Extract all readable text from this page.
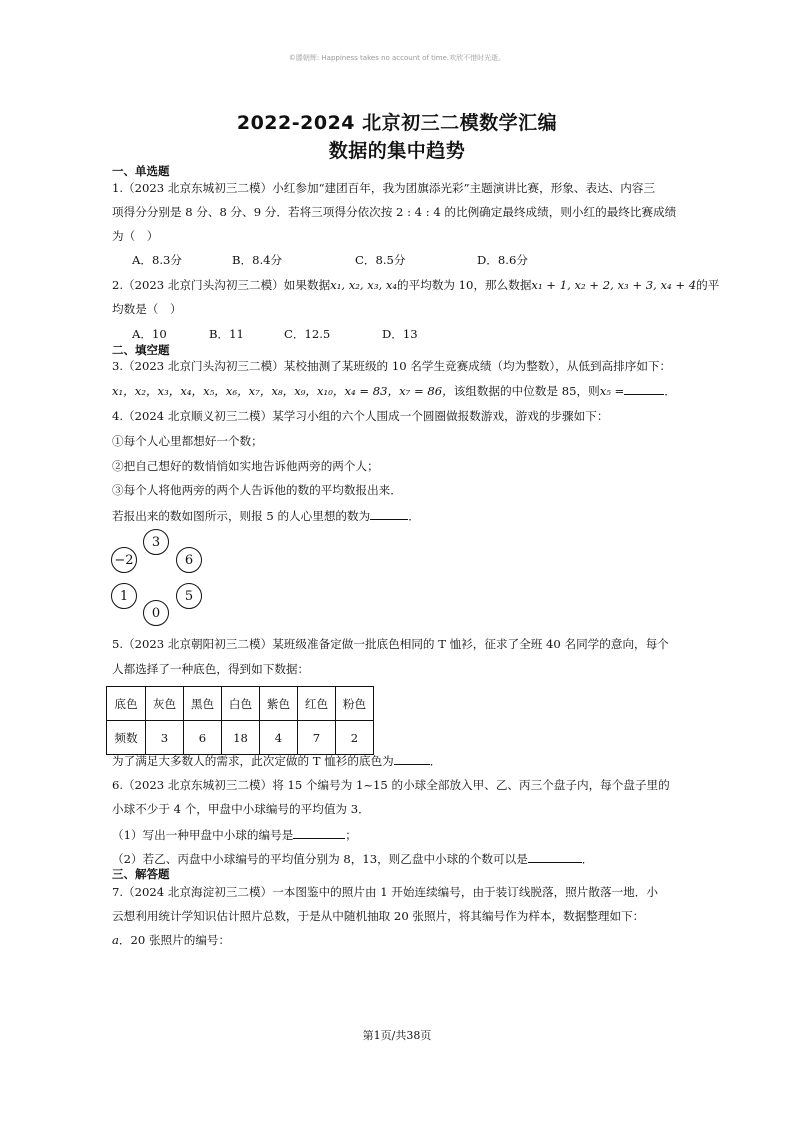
©滕朝辉: Happiness takes no account of time.欢欣不惜时光逝。
2022-2024 北京初三二模数学汇编
数据的集中趋势
一、单选题
1.（2023 北京东城初三二模）小红参加“建团百年，我为团旗添光彩”主题演讲比赛，形象、表达、内容三
项得分分别是 8 分、8 分、9 分．若将三项得分依次按 2 : 4 : 4 的比例确定最终成绩，则小红的最终比赛成绩
为（　）
A．8.3分	B．8.4分	C．8.5分	D．8.6分
2.（2023 北京门头沟初三二模）如果数据x₁, x₂, x₃, x₄的平均数为 10，那么数据x₁ + 1, x₂ + 2, x₃ + 3, x₄ + 4的平
均数是（　）
A．10	B．11	C．12.5	D．13
二、填空题
3.（2023 北京门头沟初三二模）某校抽测了某班级的 10 名学生竞赛成绩（均为整数），从低到高排序如下：
x₁，x₂，x₃，x₄，x₅，x₆，x₇，x₈，x₉，x₁₀，x₄ = 83，x₇ = 86，该组数据的中位数是 85，则x₅ =	．
4.（2024 北京顺义初三二模）某学习小组的六个人围成一个圆圈做报数游戏，游戏的步骤如下：
①每个人心里都想好一个数；
②把自己想好的数悄悄如实地告诉他两旁的两个人；
③每个人将他两旁的两个人告诉他的数的平均数报出来．
若报出来的数如图所示，则报 5 的人心里想的数为	．
3
6
5
0
1
−2
5.（2023 北京朝阳初三二模）某班级准备定做一批底色相同的 T 恤衫，征求了全班 40 名同学的意向，每个
人都选择了一种底色，得到如下数据：
底色	灰色	黑色	白色	紫色	红色	粉色
频数	3	6	18	4	7	2
为了满足大多数人的需求，此次定做的 T 恤衫的底色为	．
6.（2023 北京东城初三二模）将 15 个编号为 1~15 的小球全部放入甲、乙、丙三个盘子内，每个盘子里的
小球不少于 4 个，甲盘中小球编号的平均值为 3．
（1）写出一种甲盘中小球的编号是	；
（2）若乙、丙盘中小球编号的平均值分别为 8，13，则乙盘中小球的个数可以是	．
三、解答题
7.（2024 北京海淀初三二模）一本图鉴中的照片由 1 开始连续编号，由于装订线脱落，照片散落一地．小
云想利用统计学知识估计照片总数，于是从中随机抽取 20 张照片，将其编号作为样本，数据整理如下：
a．20 张照片的编号：
第1页/共38页
